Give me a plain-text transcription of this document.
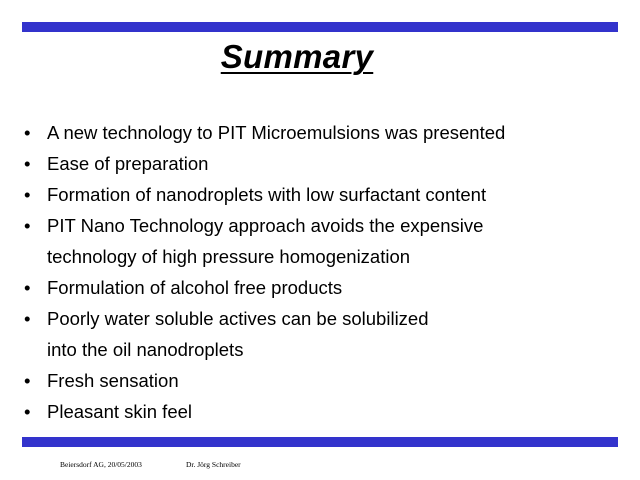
Summary
• A new technology to PIT Microemulsions was presented
• Ease of preparation
• Formation of nanodroplets with low surfactant content
• PIT Nano Technology approach avoids the expensive
technology of high pressure homogenization
• Formulation of alcohol free products
• Poorly water soluble actives can be solubilized
into the oil nanodroplets
• Fresh sensation
• Pleasant skin feel
Beiersdorf AG, 20/05/2003	Dr. Jörg Schreiber
